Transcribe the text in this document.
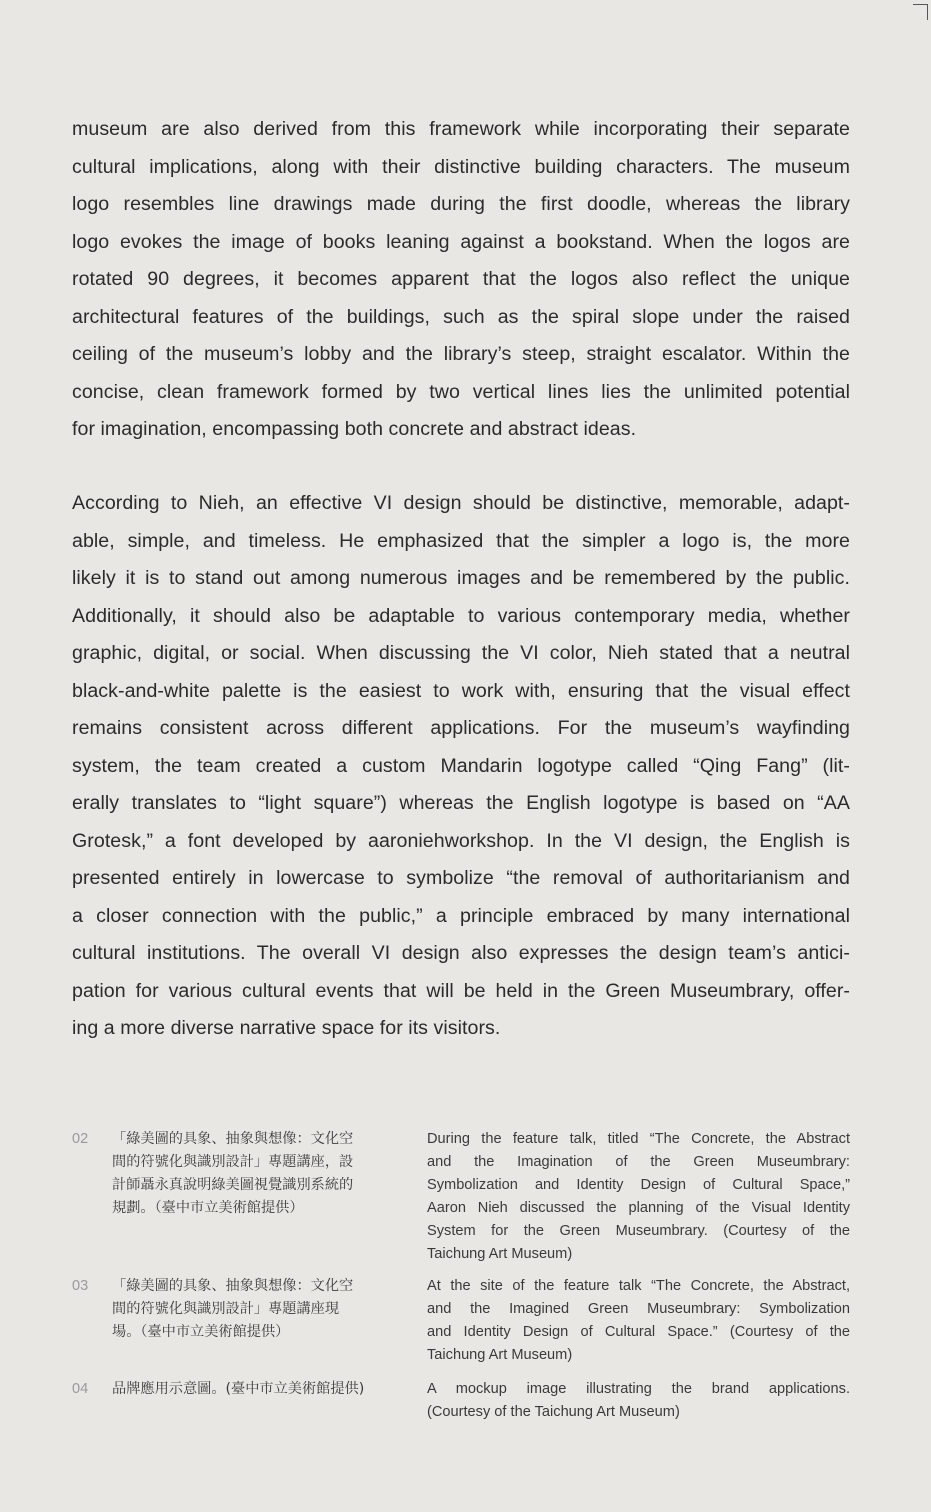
museum are also derived from this framework while incorporating their separate
cultural implications, along with their distinctive building characters. The museum
logo resembles line drawings made during the first doodle, whereas the library
logo evokes the image of books leaning against a bookstand. When the logos are
rotated 90 degrees, it becomes apparent that the logos also reflect the unique
architectural features of the buildings, such as the spiral slope under the raised
ceiling of the museum’s lobby and the library’s steep, straight escalator. Within the
concise, clean framework formed by two vertical lines lies the unlimited potential
for imagination, encompassing both concrete and abstract ideas.
According to Nieh, an effective VI design should be distinctive, memorable, adapt-
able, simple, and timeless. He emphasized that the simpler a logo is, the more
likely it is to stand out among numerous images and be remembered by the public.
Additionally, it should also be adaptable to various contemporary media, whether
graphic, digital, or social. When discussing the VI color, Nieh stated that a neutral
black-and-white palette is the easiest to work with, ensuring that the visual effect
remains consistent across different applications. For the museum’s wayfinding
system, the team created a custom Mandarin logotype called “Qing Fang” (lit-
erally translates to “light square”) whereas the English logotype is based on “AA
Grotesk,” a font developed by aaroniehworkshop. In the VI design, the English is
presented entirely in lowercase to symbolize “the removal of authoritarianism and
a closer connection with the public,” a principle embraced by many international
cultural institutions. The overall VI design also expresses the design team’s antici-
pation for various cultural events that will be held in the Green Museumbrary, offer-
ing a more diverse narrative space for its visitors.
02	「綠美圖的具象、抽象與想像：文化空
間的符號化與識別設計」專題講座，設
計師聶永真說明綠美圖視覺識別系統的
規劃。（臺中市立美術館提供）
During the feature talk, titled “The Concrete, the Abstract
and the Imagination of the Green Museumbrary:
Symbolization and Identity Design of Cultural Space,”
Aaron Nieh discussed the planning of the Visual Identity
System for the Green Museumbrary. (Courtesy of the
Taichung Art Museum)
03	「綠美圖的具象、抽象與想像：文化空
間的符號化與識別設計」專題講座現
場。（臺中市立美術館提供）
At the site of the feature talk “The Concrete, the Abstract,
and the Imagined Green Museumbrary: Symbolization
and Identity Design of Cultural Space.” (Courtesy of the
Taichung Art Museum)
04	品牌應用示意圖。(臺中市立美術館提供)	A mockup image illustrating the brand applications.
(Courtesy of the Taichung Art Museum)
